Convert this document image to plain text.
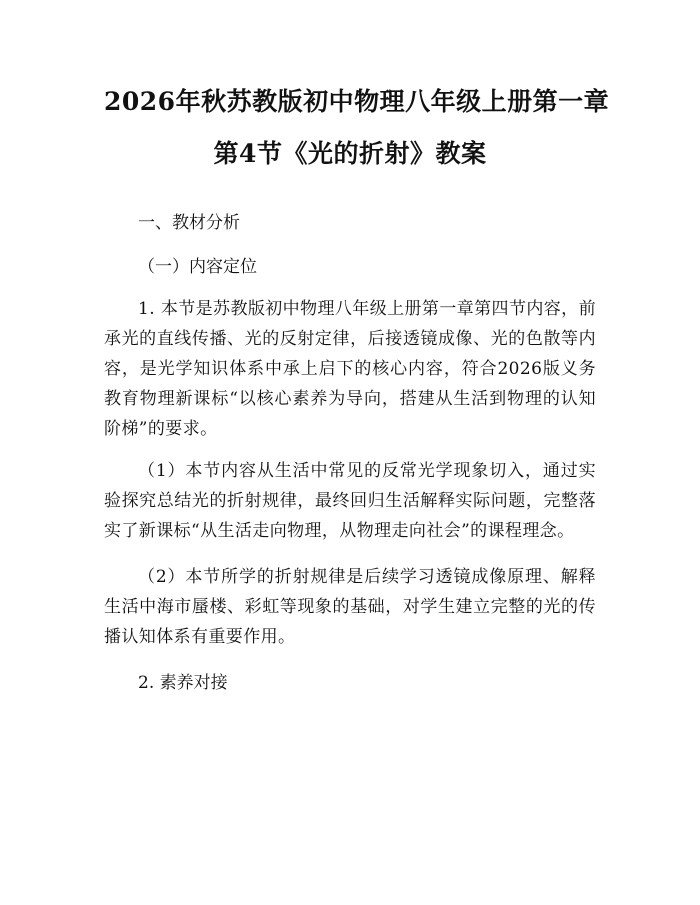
2026年秋苏教版初中物理八年级上册第一章
第4节《光的折射》教案

一、教材分析

（一）内容定位

1. 本节是苏教版初中物理八年级上册第一章第四节内容，前承光的直线传播、光的反射定律，后接透镜成像、光的色散等内容，是光学知识体系中承上启下的核心内容，符合2026版义务教育物理新课标“以核心素养为导向，搭建从生活到物理的认知阶梯”的要求。

（1）本节内容从生活中常见的反常光学现象切入，通过实验探究总结光的折射规律，最终回归生活解释实际问题，完整落实了新课标“从生活走向物理，从物理走向社会”的课程理念。

（2）本节所学的折射规律是后续学习透镜成像原理、解释生活中海市蜃楼、彩虹等现象的基础，对学生建立完整的光的传播认知体系有重要作用。

2. 素养对接
